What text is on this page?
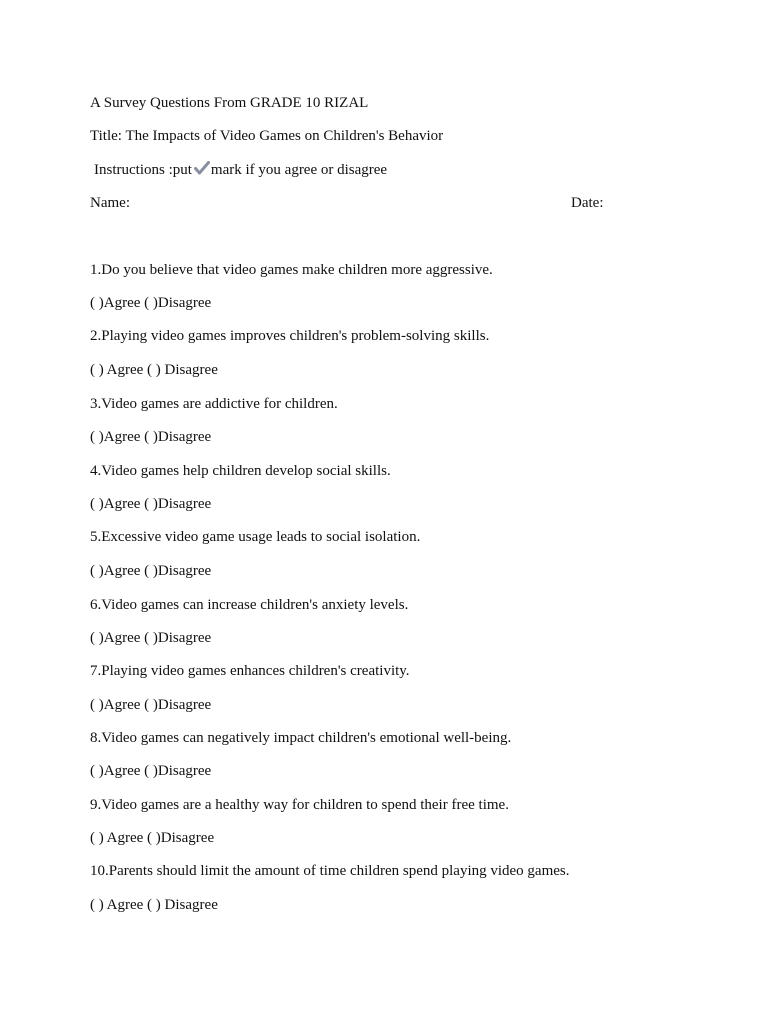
A Survey Questions From GRADE 10 RIZAL
Title: The Impacts of Video Games on Children's Behavior
Instructions :put mark if you agree or disagree
Name:	Date:
1.Do you believe that video games make children more aggressive.
( )Agree ( )Disagree
2.Playing video games improves children's problem-solving skills.
( ) Agree ( ) Disagree
3.Video games are addictive for children.
( )Agree ( )Disagree
4.Video games help children develop social skills.
( )Agree ( )Disagree
5.Excessive video game usage leads to social isolation.
( )Agree ( )Disagree
6.Video games can increase children's anxiety levels.
( )Agree ( )Disagree
7.Playing video games enhances children's creativity.
( )Agree ( )Disagree
8.Video games can negatively impact children's emotional well-being.
( )Agree ( )Disagree
9.Video games are a healthy way for children to spend their free time.
( ) Agree ( )Disagree
10.Parents should limit the amount of time children spend playing video games.
( ) Agree ( ) Disagree
